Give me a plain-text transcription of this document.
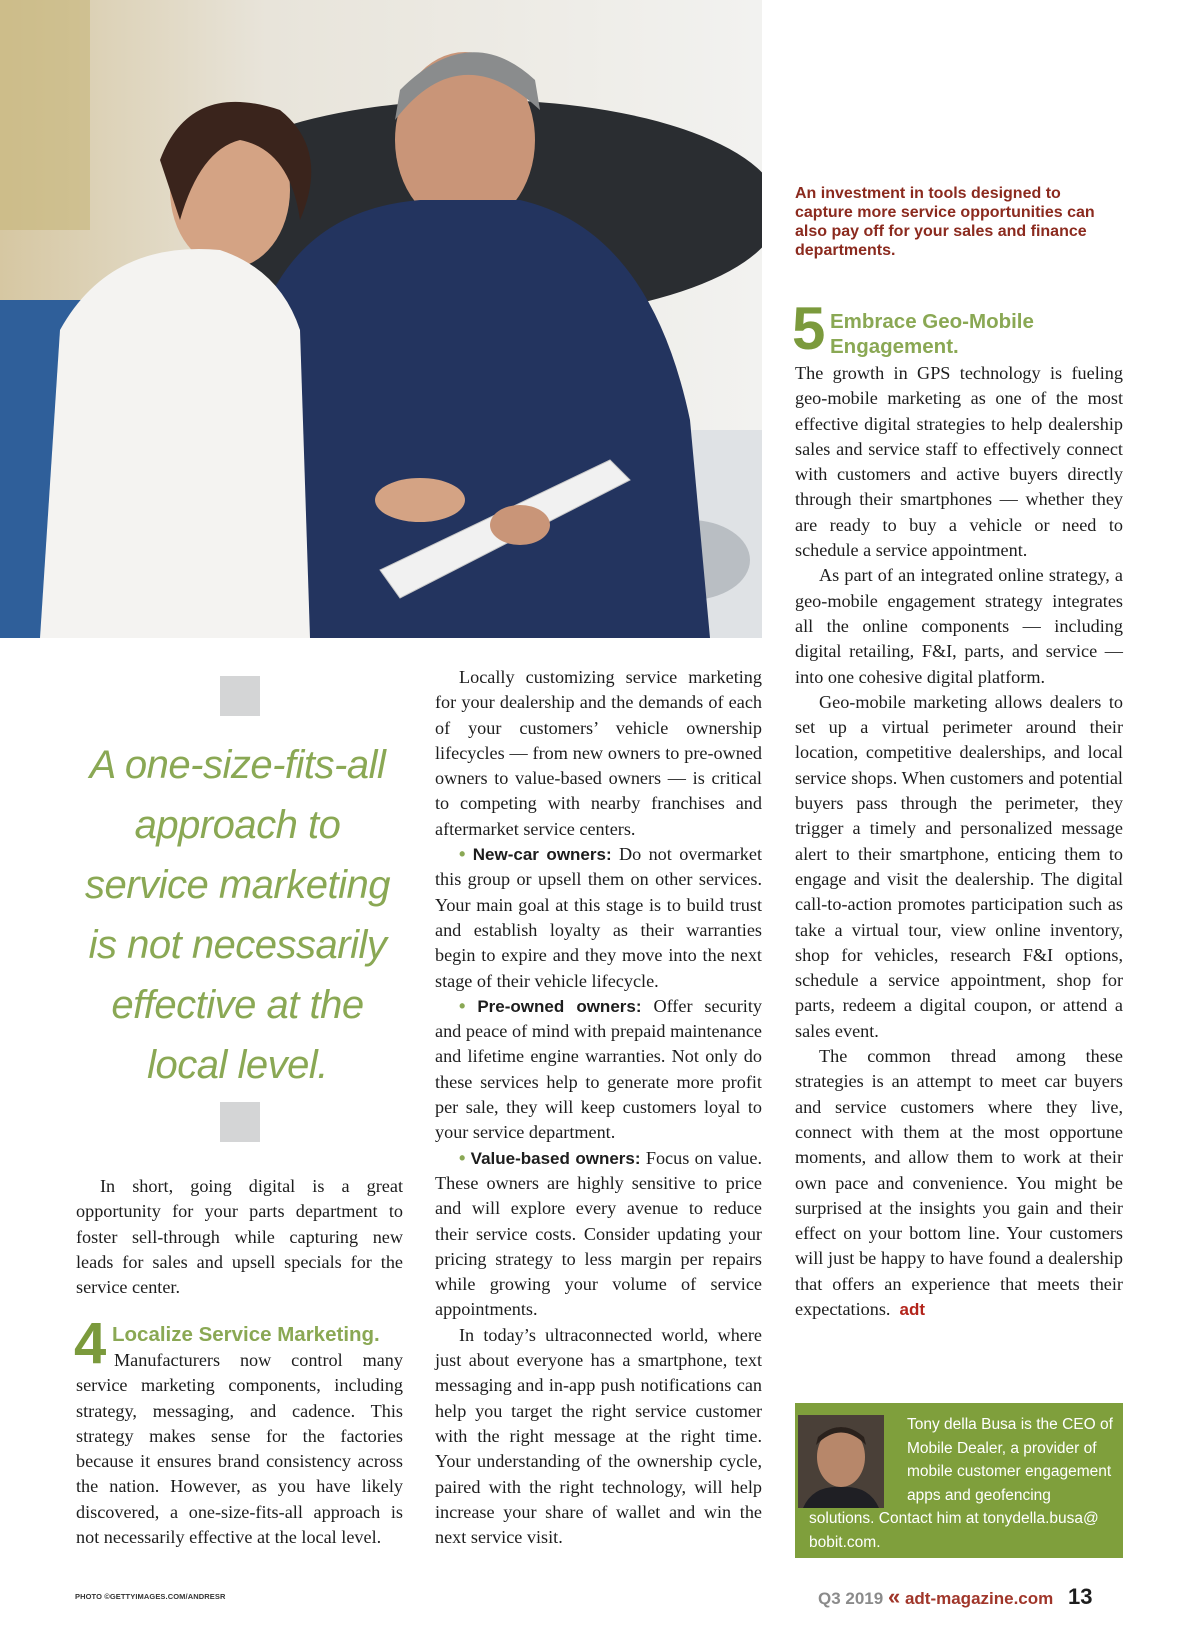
An investment in tools designed to capture more service opportunities can also pay off for your sales and finance departments.
5 Embrace Geo-Mobile
Engagement.

The growth in GPS technology is fueling geo-mobile marketing as one of the most effective digital strategies to help dealership sales and service staff to effectively connect with customers and active buyers directly through their smartphones — whether they are ready to buy a vehicle or need to schedule a service appointment.

As part of an integrated online strategy, a geo-mobile engagement strategy integrates all the online components — including digital retailing, F&I, parts, and service — into one cohesive digital platform.

Geo-mobile marketing allows dealers to set up a virtual perimeter around their location, competitive dealerships, and local service shops. When customers and potential buyers pass through the perimeter, they trigger a timely and personalized message alert to their smartphone, enticing them to engage and visit the dealership. The digital call-to-action promotes participation such as take a virtual tour, view online inventory, shop for vehicles, research F&I options, schedule a service appointment, shop for parts, redeem a digital coupon, or attend a sales event.

The common thread among these strategies is an attempt to meet car buyers and service customers where they live, connect with them at the most opportune moments, and allow them to work at their own pace and convenience. You might be surprised at the insights you gain and their effect on your bottom line. Your customers will just be happy to have found a dealership that offers an experience that meets their expectations. adt

A one-size-fits-all approach to service marketing is not necessarily effective at the local level.

In short, going digital is a great opportunity for your parts department to foster sell-through while capturing new leads for sales and upsell specials for the service center.

4 Localize Service Marketing.

Manufacturers now control many service marketing components, including strategy, messaging, and cadence. This strategy makes sense for the factories because it ensures brand consistency across the nation. However, as you have likely discovered, a one-size-fits-all approach is not necessarily effective at the local level.

Locally customizing service marketing for your dealership and the demands of each of your customers’ vehicle ownership lifecycles — from new owners to pre-owned owners to value-based owners — is critical to competing with nearby franchises and aftermarket service centers.

• New-car owners: Do not overmarket this group or upsell them on other services. Your main goal at this stage is to build trust and establish loyalty as their warranties begin to expire and they move into the next stage of their vehicle lifecycle.

• Pre-owned owners: Offer security and peace of mind with prepaid maintenance and lifetime engine warranties. Not only do these services help to generate more profit per sale, they will keep customers loyal to your service department.

• Value-based owners: Focus on value. These owners are highly sensitive to price and will explore every avenue to reduce their service costs. Consider updating your pricing strategy to less margin per repairs while growing your volume of service appointments.

In today’s ultraconnected world, where just about everyone has a smartphone, text messaging and in-app push notifications can help you target the right service customer with the right message at the right time. Your understanding of the ownership cycle, paired with the right technology, will help increase your share of wallet and win the next service visit.

Tony della Busa is the CEO of Mobile Dealer, a provider of mobile customer engagement apps and geofencing solutions. Contact him at tonydella.busa@ bobit.com.
PHOTO ©GETTYIMAGES.COM/ANDRESR	Q3 2019 « adt-magazine.com 13
